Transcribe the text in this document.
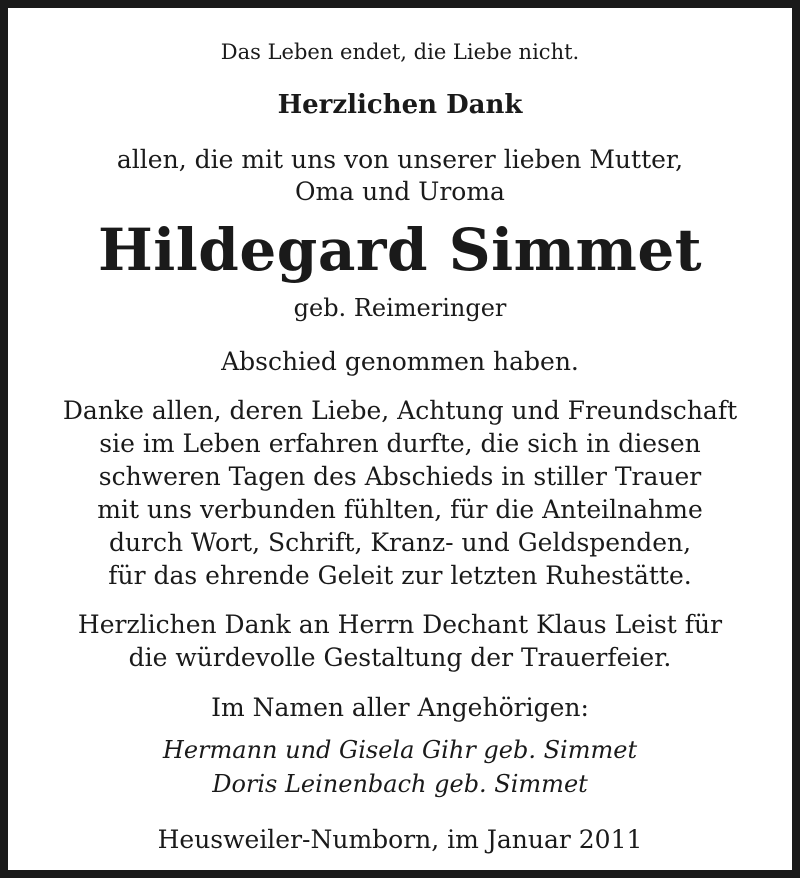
Das Leben endet, die Liebe nicht.
Herzlichen Dank
allen, die mit uns von unserer lieben Mutter,
Oma und Uroma
Hildegard Simmet
geb. Reimeringer
Abschied genommen haben.
Danke allen, deren Liebe, Achtung und Freundschaft
sie im Leben erfahren durfte, die sich in diesen
schweren Tagen des Abschieds in stiller Trauer
mit uns verbunden fühlten, für die Anteilnahme
durch Wort, Schrift, Kranz- und Geldspenden,
für das ehrende Geleit zur letzten Ruhestätte.
Herzlichen Dank an Herrn Dechant Klaus Leist für
die würdevolle Gestaltung der Trauerfeier.
Im Namen aller Angehörigen:
Hermann und Gisela Gihr geb. Simmet
Doris Leinenbach geb. Simmet
Heusweiler-Numborn, im Januar 2011
